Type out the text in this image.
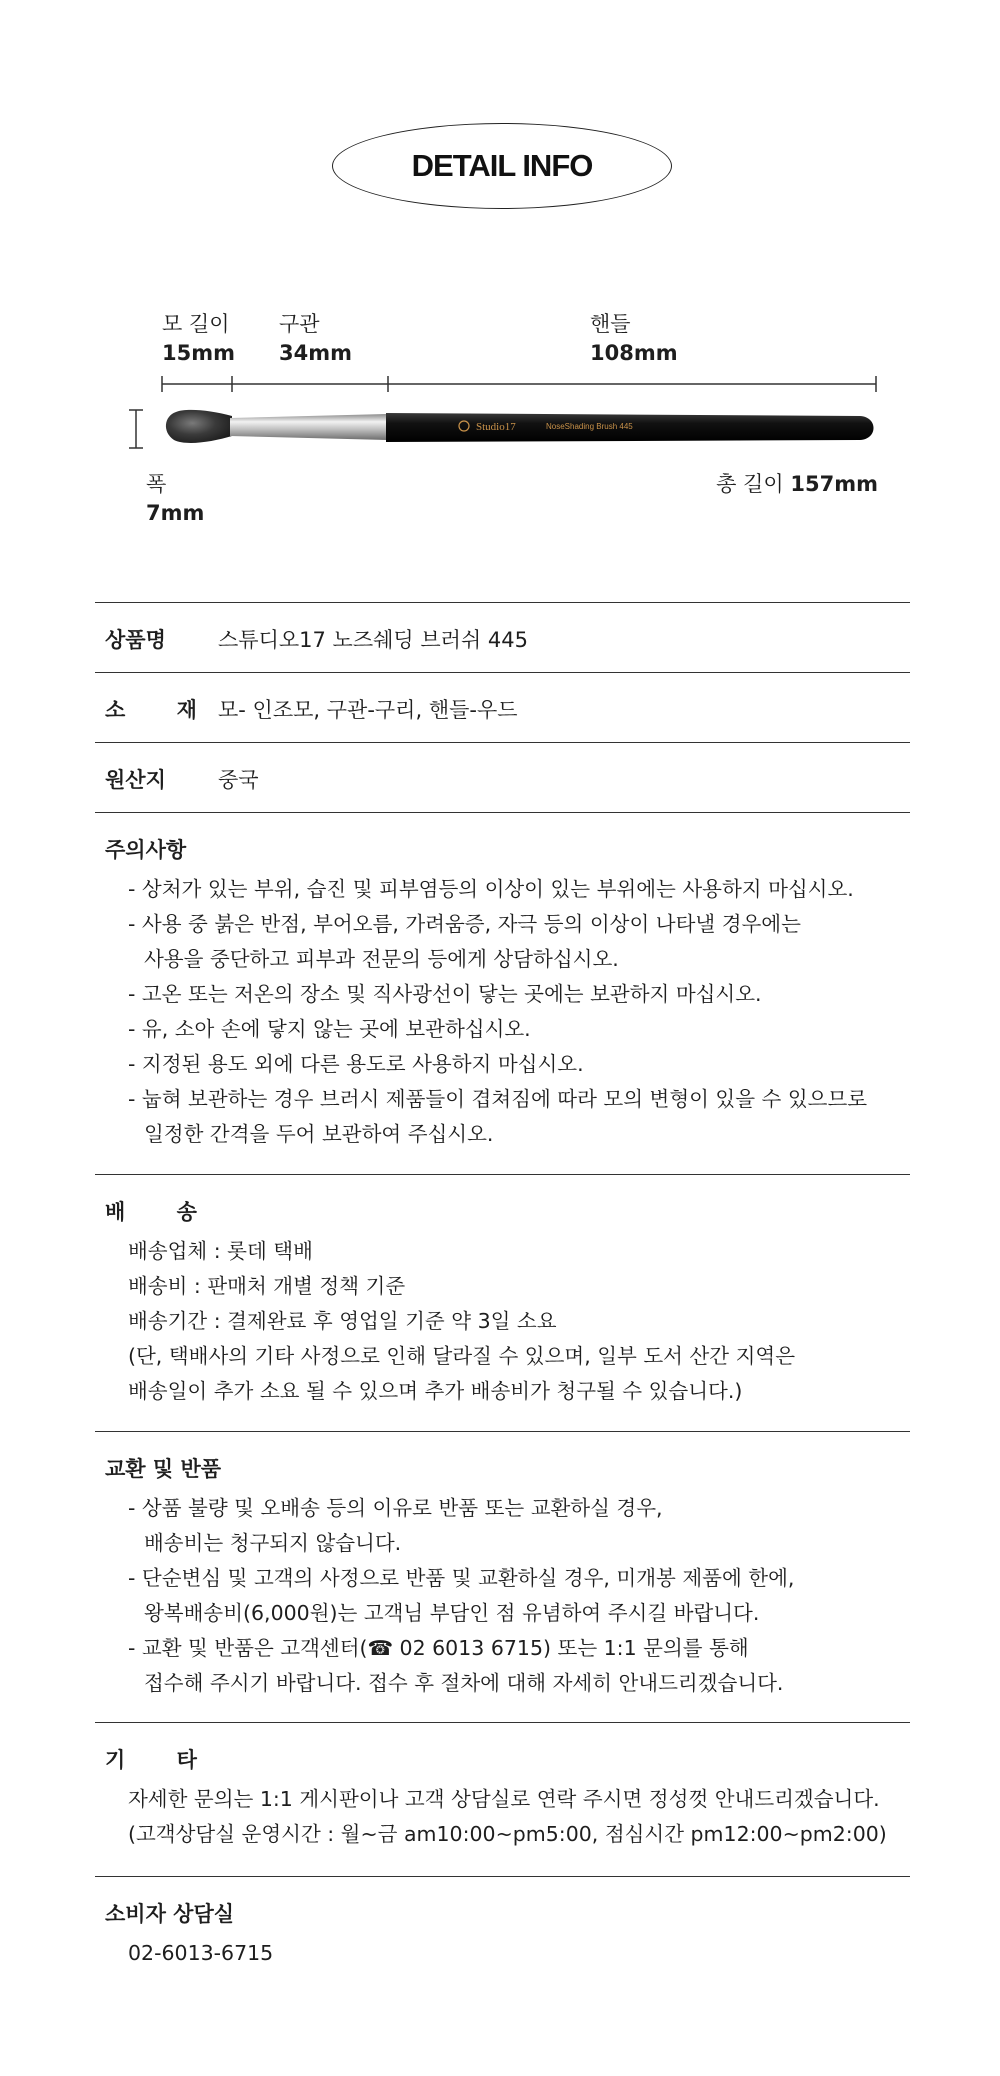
DETAIL INFO
모 길이
15mm
구관
34mm
핸들
108mm
폭
7mm
총 길이 157mm
Studio17	NoseShading Brush 445
상품명 스튜디오17 노즈쉐딩 브러쉬 445
소 재 모- 인조모, 구관-구리, 핸들-우드
원산지 중국
주의사항
- 상처가 있는 부위, 습진 및 피부염등의 이상이 있는 부위에는 사용하지 마십시오.
- 사용 중 붉은 반점, 부어오름, 가려움증, 자극 등의 이상이 나타낼 경우에는
사용을 중단하고 피부과 전문의 등에게 상담하십시오.
- 고온 또는 저온의 장소 및 직사광선이 닿는 곳에는 보관하지 마십시오.
- 유, 소아 손에 닿지 않는 곳에 보관하십시오.
- 지정된 용도 외에 다른 용도로 사용하지 마십시오.
- 눕혀 보관하는 경우 브러시 제품들이 겹쳐짐에 따라 모의 변형이 있을 수 있으므로
일정한 간격을 두어 보관하여 주십시오.
배 송
배송업체 : 롯데 택배
배송비 : 판매처 개별 정책 기준
배송기간 : 결제완료 후 영업일 기준 약 3일 소요
(단, 택배사의 기타 사정으로 인해 달라질 수 있으며, 일부 도서 산간 지역은
배송일이 추가 소요 될 수 있으며 추가 배송비가 청구될 수 있습니다.)
교환 및 반품
- 상품 불량 및 오배송 등의 이유로 반품 또는 교환하실 경우,
배송비는 청구되지 않습니다.
- 단순변심 및 고객의 사정으로 반품 및 교환하실 경우, 미개봉 제품에 한에,
왕복배송비(6,000원)는 고객님 부담인 점 유념하여 주시길 바랍니다.
- 교환 및 반품은 고객센터(☎ 02 6013 6715) 또는 1:1 문의를 통해
접수해 주시기 바랍니다. 접수 후 절차에 대해 자세히 안내드리겠습니다.
기 타
자세한 문의는 1:1 게시판이나 고객 상담실로 연락 주시면 정성껏 안내드리겠습니다.
(고객상담실 운영시간 : 월~금 am10:00~pm5:00, 점심시간 pm12:00~pm2:00)
소비자 상담실
02-6013-6715
